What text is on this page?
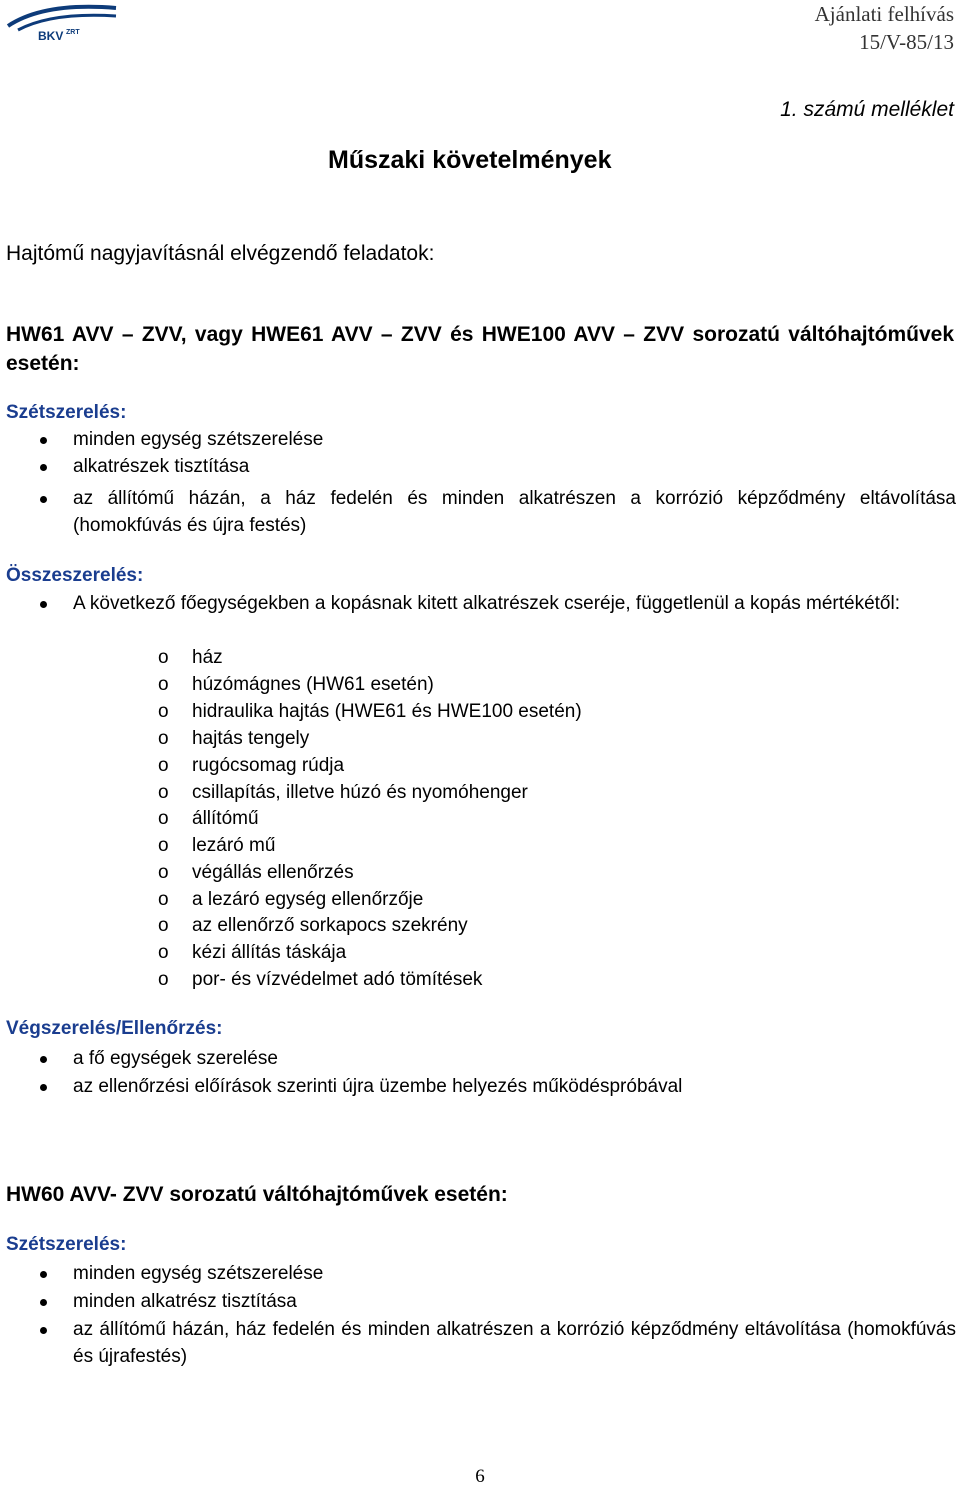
BKV ZRT
Ajánlati felhívás
15/V-85/13
1. számú melléklet
Műszaki követelmények
Hajtómű nagyjavításnál elvégzendő feladatok:
HW61 AVV – ZVV, vagy HWE61 AVV – ZVV és HWE100 AVV – ZVV sorozatú váltóhajtóművek esetén:
Szétszerelés:
minden egység szétszerelése
alkatrészek tisztítása
az állítómű házán, a ház fedelén és minden alkatrészen a korrózió képződmény eltávolítása (homokfúvás és újra festés)
Összeszerelés:
A következő főegységekben a kopásnak kitett alkatrészek cseréje, függetlenül a kopás mértékétől:
o ház
o húzómágnes (HW61 esetén)
o hidraulika hajtás (HWE61 és HWE100 esetén)
o hajtás tengely
o rugócsomag rúdja
o csillapítás, illetve húzó és nyomóhenger
o állítómű
o lezáró mű
o végállás ellenőrzés
o a lezáró egység ellenőrzője
o az ellenőrző sorkapocs szekrény
o kézi állítás táskája
o por- és vízvédelmet adó tömítések
Végszerelés/Ellenőrzés:
a fő egységek szerelése
az ellenőrzési előírások szerinti újra üzembe helyezés működéspróbával
HW60 AVV- ZVV sorozatú váltóhajtóművek esetén:
Szétszerelés:
minden egység szétszerelése
minden alkatrész tisztítása
az állítómű házán, ház fedelén és minden alkatrészen a korrózió képződmény eltávolítása (homokfúvás és újrafestés)
6
